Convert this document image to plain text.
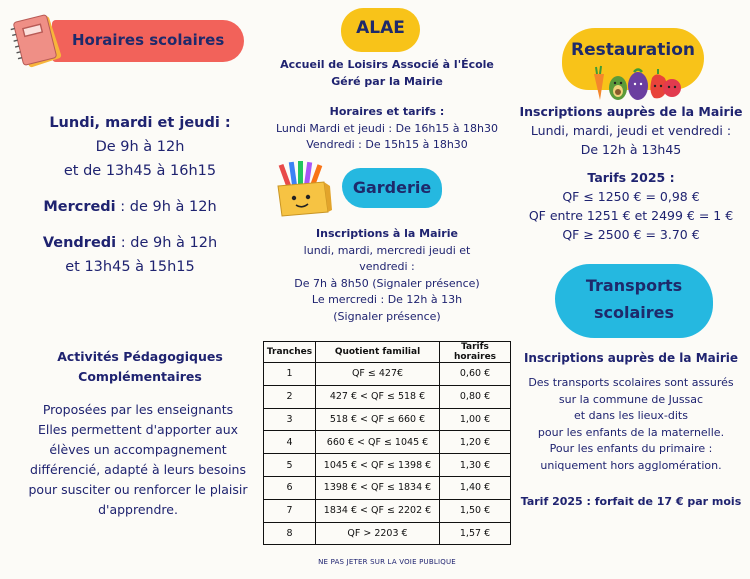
Horaires scolaires
Lundi, mardi et jeudi :
De 9h à 12h
et de 13h45 à 16h15
Mercredi : de 9h à 12h
Vendredi : de 9h à 12h
et 13h45 à 15h15
Activités Pédagogiques
Complémentaires
Proposées par les enseignants
Elles permettent d'apporter aux
élèves un accompagnement
différencié, adapté à leurs besoins
pour susciter ou renforcer le plaisir
d'apprendre.
ALAE
Accueil de Loisirs Associé à l'École
Géré par la Mairie
Horaires et tarifs :
Lundi Mardi et jeudi : De 16h15 à 18h30
Vendredi : De 15h15 à 18h30
Garderie
Inscriptions à la Mairie
lundi, mardi, mercredi jeudi et
vendredi :
De 7h à 8h50 (Signaler présence)
Le mercredi : De 12h à 13h
(Signaler présence)
Tranches	Quotient familial	Tarifs horaires
1	QF ≤ 427€	0,60 €
2	427 € < QF ≤ 518 €	0,80 €
3	518 € < QF ≤ 660 €	1,00 €
4	660 € < QF ≤ 1045 €	1,20 €
5	1045 € < QF ≤ 1398 €	1,30 €
6	1398 € < QF ≤ 1834 €	1,40 €
7	1834 € < QF ≤ 2202 €	1,50 €
8	QF > 2203 €	1,57 €
NE PAS JETER SUR LA VOIE PUBLIQUE
Restauration
Inscriptions auprès de la Mairie
Lundi, mardi, jeudi et vendredi :
De 12h à 13h45
Tarifs 2025 :
QF ≤ 1250 € = 0,98 €
QF entre 1251 € et 2499 € = 1 €
QF ≥ 2500 € = 3.70 €
Transports
scolaires
Inscriptions auprès de la Mairie
Des transports scolaires sont assurés
sur la commune de Jussac
et dans les lieux-dits
pour les enfants de la maternelle.
Pour les enfants du primaire :
uniquement hors agglomération.
Tarif 2025 : forfait de 17 € par mois
